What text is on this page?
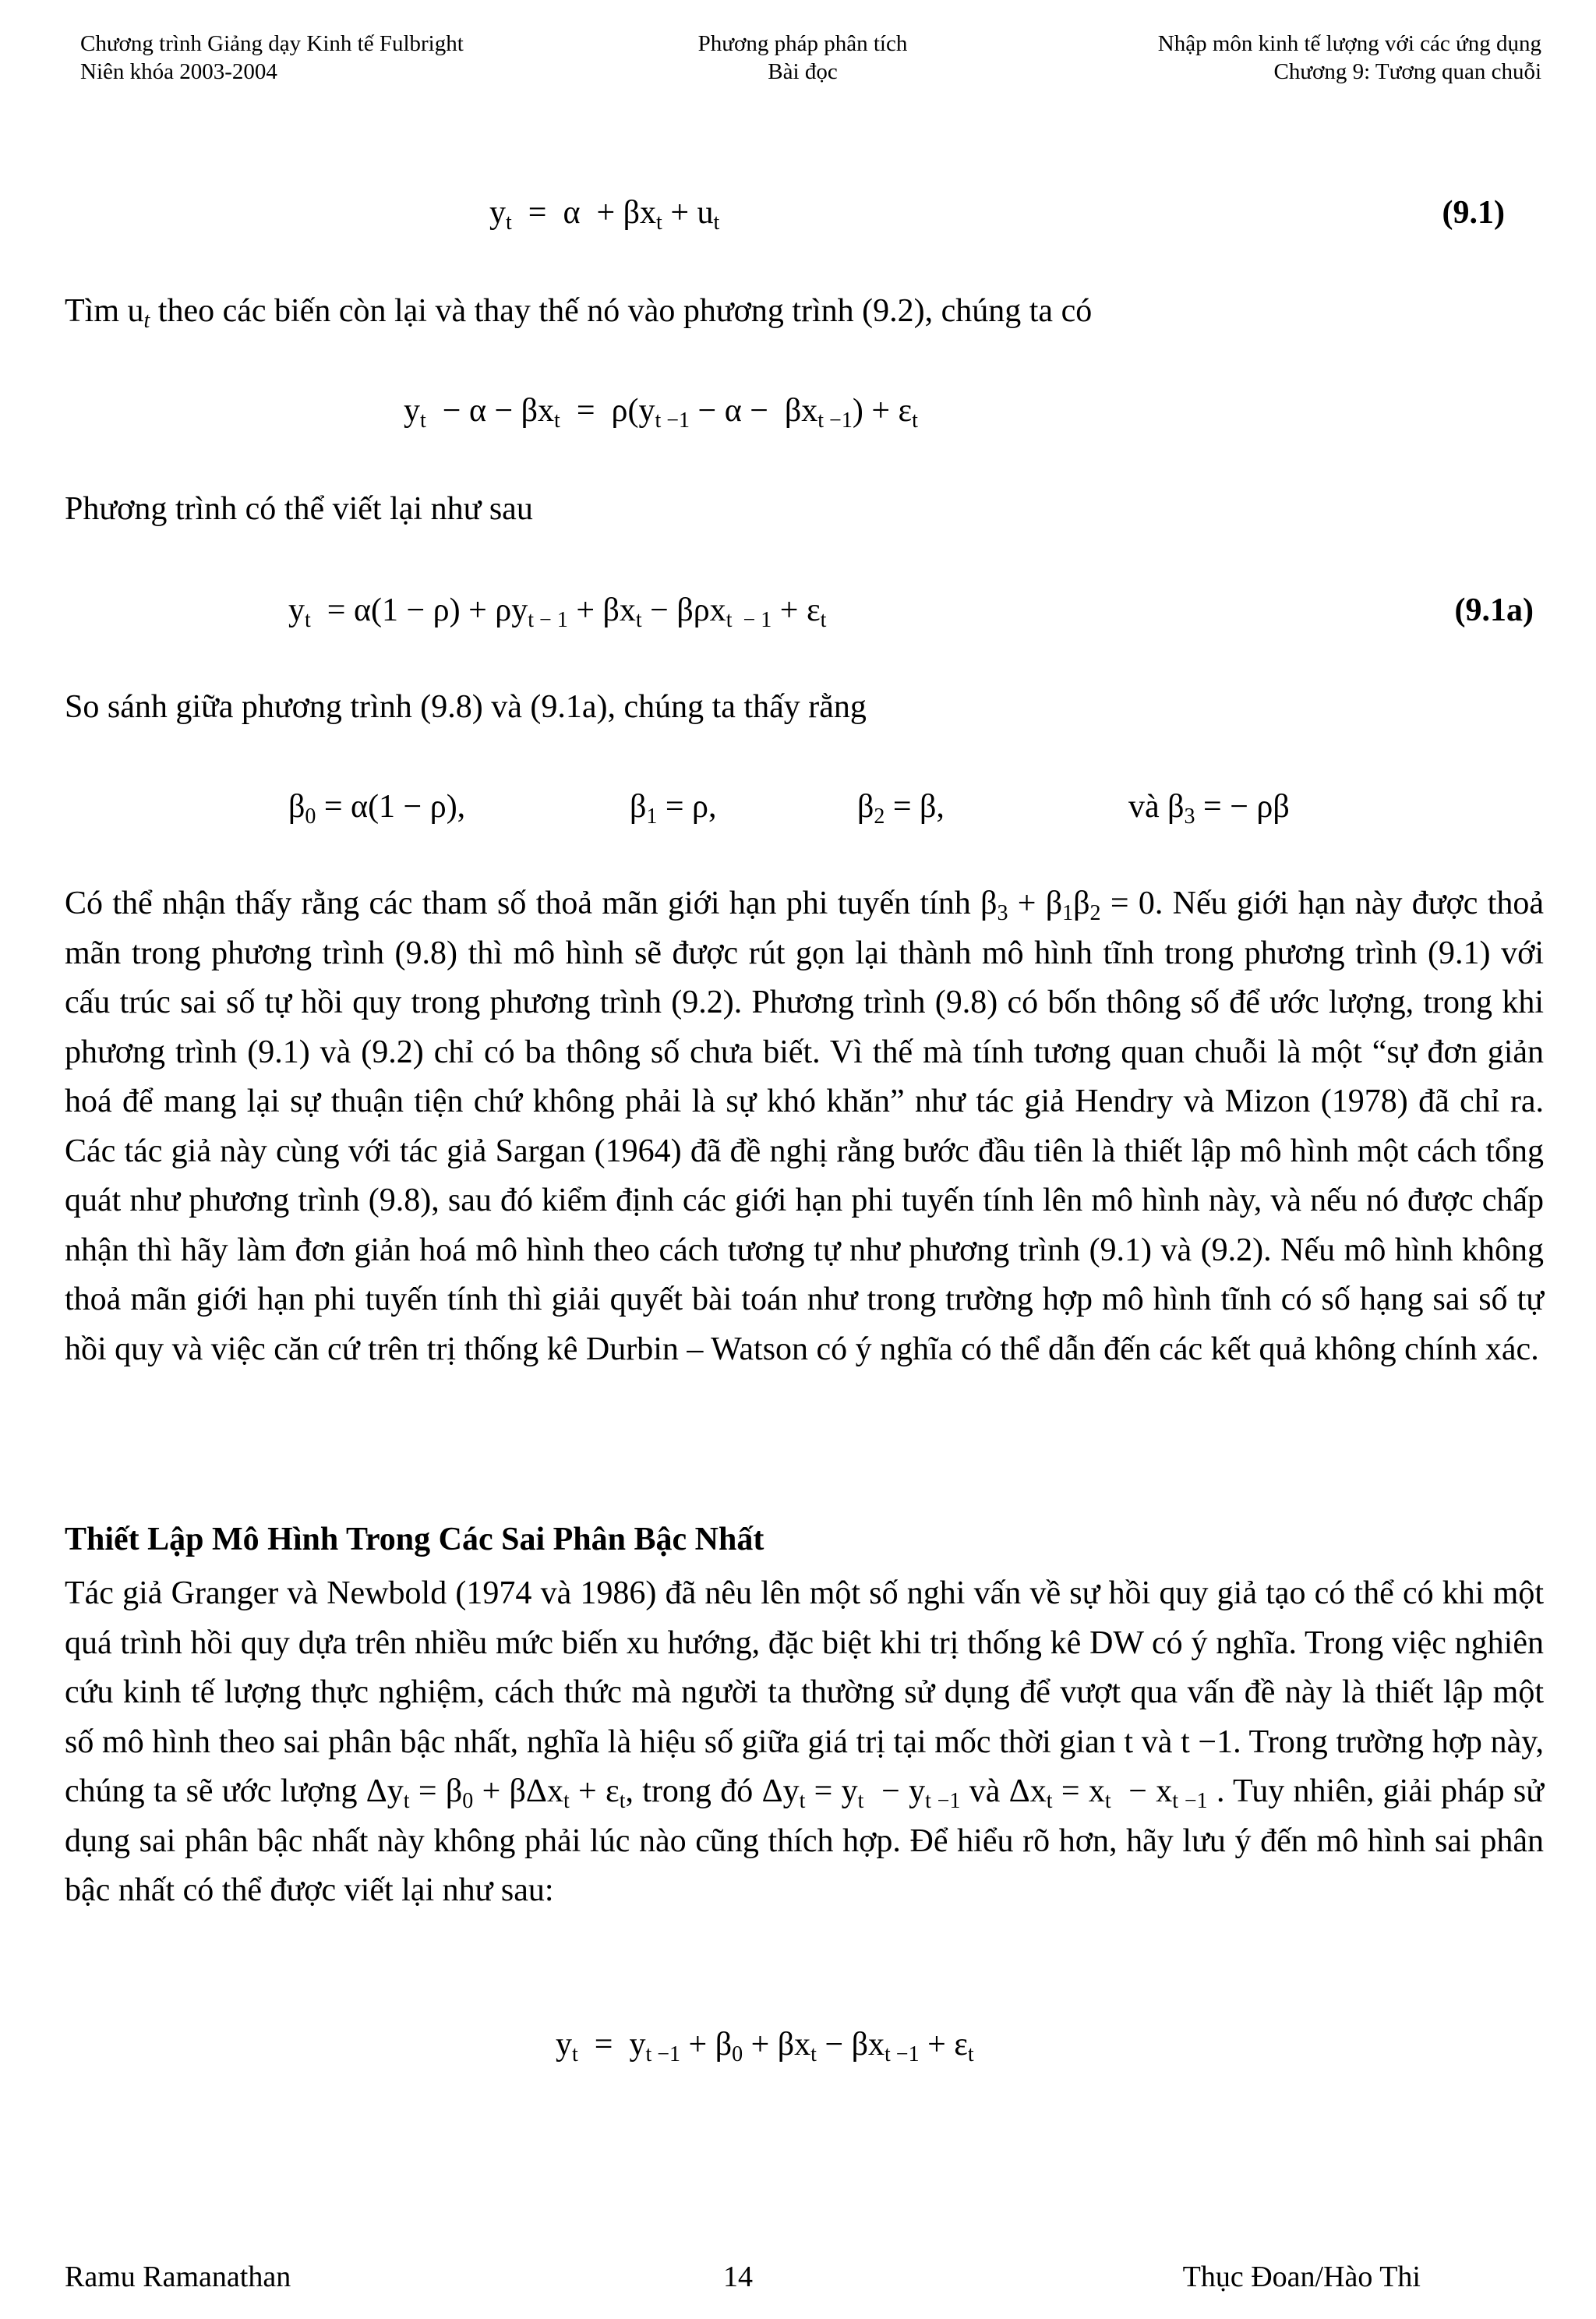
Chương trình Giảng dạy Kinh tế Fulbright
Niên khóa 2003-2004
Phương pháp phân tích
Bài đọc
Nhập môn kinh tế lượng với các ứng dụng
Chương 9: Tương quan chuỗi
$y_t = \alpha + \beta x_t + u_t$	(9.1)
Tìm $u_t$ theo các biến còn lại và thay thế nó vào phương trình (9.2), chúng ta có
$y_t - \alpha - \beta x_t = \rho(y_{t -1} - \alpha - \beta x_{t -1}) + \varepsilon_t$
Phương trình có thể viết lại như sau
$y_t = \alpha(1 - \rho) + \rho y_{t - 1} + \beta x_t - \beta\rho x_{t - 1} + \varepsilon_t$	(9.1a)
So sánh giữa phương trình (9.8) và (9.1a), chúng ta thấy rằng
$\beta_0 = \alpha(1 - \rho)$,	$\beta_1 = \rho$,	$\beta_2 = \beta$,	và $\beta_3$ = − ρβ
Có thể nhận thấy rằng các tham số thoả mãn giới hạn phi tuyến tính $\beta_3 + \beta_1\beta_2 = 0$. Nếu giới hạn này được thoả mãn trong phương trình (9.8) thì mô hình sẽ được rút gọn lại thành mô hình tĩnh trong phương trình (9.1) với cấu trúc sai số tự hồi quy trong phương trình (9.2). Phương trình (9.8) có bốn thông số để ước lượng, trong khi phương trình (9.1) và (9.2) chỉ có ba thông số chưa biết. Vì thế mà tính tương quan chuỗi là một “sự đơn giản hoá để mang lại sự thuận tiện chứ không phải là sự khó khăn” như tác giả Hendry và Mizon (1978) đã chỉ ra. Các tác giả này cùng với tác giả Sargan (1964) đã đề nghị rằng bước đầu tiên là thiết lập mô hình một cách tổng quát như phương trình (9.8), sau đó kiểm định các giới hạn phi tuyến tính lên mô hình này, và nếu nó được chấp nhận thì hãy làm đơn giản hoá mô hình theo cách tương tự như phương trình (9.1) và (9.2). Nếu mô hình không thoả mãn giới hạn phi tuyến tính thì giải quyết bài toán như trong trường hợp mô hình tĩnh có số hạng sai số tự hồi quy và việc căn cứ trên trị thống kê Durbin – Watson có ý nghĩa có thể dẫn đến các kết quả không chính xác.
Thiết Lập Mô Hình Trong Các Sai Phân Bậc Nhất
Tác giả Granger và Newbold (1974 và 1986) đã nêu lên một số nghi vấn về sự hồi quy giả tạo có thể có khi một quá trình hồi quy dựa trên nhiều mức biến xu hướng, đặc biệt khi trị thống kê DW có ý nghĩa. Trong việc nghiên cứu kinh tế lượng thực nghiệm, cách thức mà người ta thường sử dụng để vượt qua vấn đề này là thiết lập một số mô hình theo sai phân bậc nhất, nghĩa là hiệu số giữa giá trị tại mốc thời gian t và t −1. Trong trường hợp này, chúng ta sẽ ước lượng $\Delta y_t = \beta_0 + \beta\Delta x_t + \varepsilon_t$, trong đó $\Delta y_t = y_t - y_{t -1}$ và $\Delta x_t = x_t - x_{t -1}$ . Tuy nhiên, giải pháp sử dụng sai phân bậc nhất này không phải lúc nào cũng thích hợp. Để hiểu rõ hơn, hãy lưu ý đến mô hình sai phân bậc nhất có thể được viết lại như sau:
$y_t = y_{t -1} + \beta_0 + \beta x_t - \beta x_{t -1} + \varepsilon_t$
Ramu Ramanathan	14	Thục Đoan/Hào Thi
